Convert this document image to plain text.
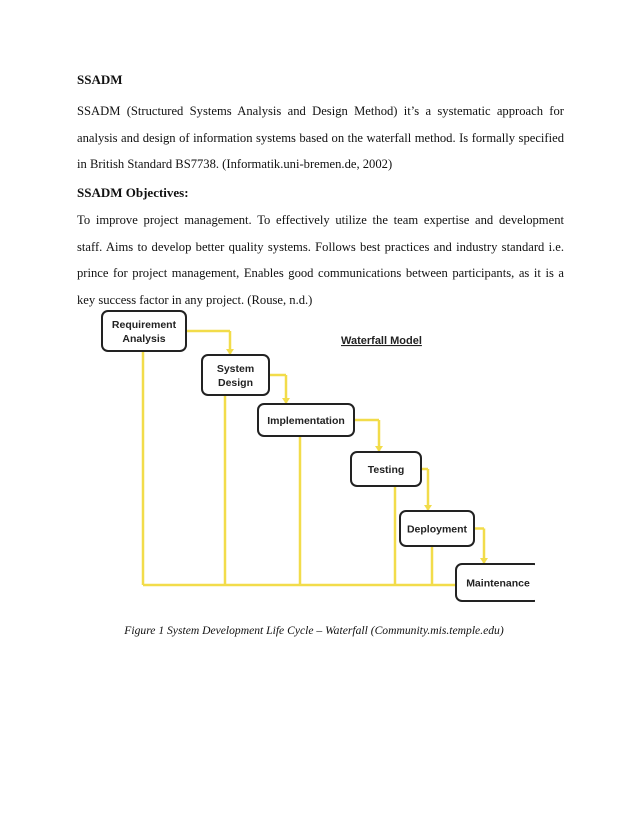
SSADM

SSADM (Structured Systems Analysis and Design Method) it’s a systematic approach for analysis and design of information systems based on the waterfall method. Is formally specified in British Standard BS7738. (Informatik.uni-bremen.de, 2002)

SSADM Objectives:

To improve project management. To effectively utilize the team expertise and development staff. Aims to develop better quality systems. Follows best practices and industry standard i.e. prince for project management, Enables good communications between participants, as it is a key success factor in any project. (Rouse, n.d.)

Requirement
Analysis
System
Design
Implementation
Testing
Deployment
Maintenance
Waterfall Model
Figure 1 System Development Life Cycle – Waterfall (Community.mis.temple.edu)
